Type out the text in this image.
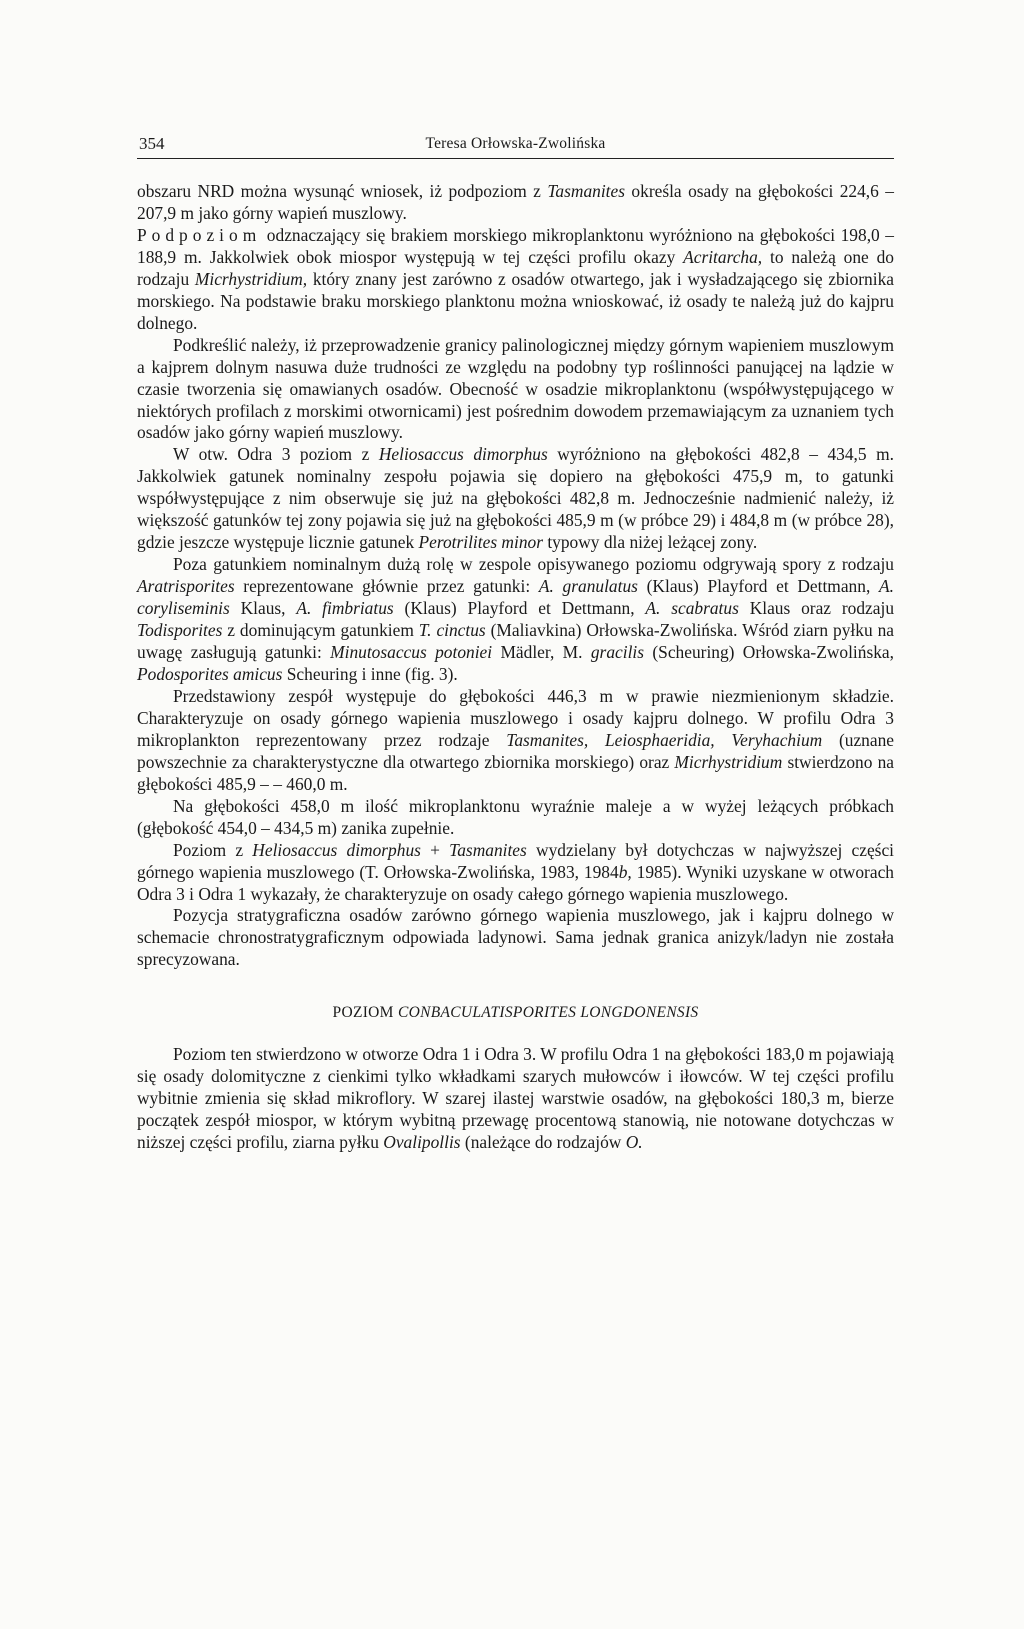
354	Teresa Orłowska-Zwolińska

obszaru NRD można wysunąć wniosek, iż podpoziom z Tasmanites określa osady na głębokości 224,6 – 207,9 m jako górny wapień muszlowy.

Podpoziom odznaczający się brakiem morskiego mikroplanktonu wyróżniono na głębokości 198,0 – 188,9 m. Jakkolwiek obok miospor występują w tej części profilu okazy Acritarcha, to należą one do rodzaju Micrhystridium, który znany jest zarówno z osadów otwartego, jak i wysładzającego się zbiornika morskiego. Na podstawie braku morskiego planktonu można wnioskować, iż osady te należą już do kajpru dolnego.

Podkreślić należy, iż przeprowadzenie granicy palinologicznej między górnym wapieniem muszlowym a kajprem dolnym nasuwa duże trudności ze względu na podobny typ roślinności panującej na lądzie w czasie tworzenia się omawianych osadów. Obecność w osadzie mikroplanktonu (współwystępującego w niektórych profilach z morskimi otwornicami) jest pośrednim dowodem przemawiającym za uznaniem tych osadów jako górny wapień muszlowy.

W otw. Odra 3 poziom z Heliosaccus dimorphus wyróżniono na głębokości 482,8 – 434,5 m. Jakkolwiek gatunek nominalny zespołu pojawia się dopiero na głębokości 475,9 m, to gatunki współwystępujące z nim obserwuje się już na głębokości 482,8 m. Jednocześnie nadmienić należy, iż większość gatunków tej zony pojawia się już na głębokości 485,9 m (w próbce 29) i 484,8 m (w próbce 28), gdzie jeszcze występuje licznie gatunek Perotrilites minor typowy dla niżej leżącej zony.

Poza gatunkiem nominalnym dużą rolę w zespole opisywanego poziomu odgrywają spory z rodzaju Aratrisporites reprezentowane głównie przez gatunki: A. granulatus (Klaus) Playford et Dettmann, A. coryliseminis Klaus, A. fimbriatus (Klaus) Playford et Dettmann, A. scabratus Klaus oraz rodzaju Todisporites z dominującym gatunkiem T. cinctus (Maliavkina) Orłowska-Zwolińska. Wśród ziarn pyłku na uwagę zasługują gatunki: Minutosaccus potoniei Mädler, M. gracilis (Scheuring) Orłowska-Zwolińska, Podosporites amicus Scheuring i inne (fig. 3).

Przedstawiony zespół występuje do głębokości 446,3 m w prawie niezmienionym składzie. Charakteryzuje on osady górnego wapienia muszlowego i osady kajpru dolnego. W profilu Odra 3 mikroplankton reprezentowany przez rodzaje Tasmanites, Leiosphaeridia, Veryhachium (uznane powszechnie za charakterystyczne dla otwartego zbiornika morskiego) oraz Micrhystridium stwierdzono na głębokości 485,9 – – 460,0 m.

Na głębokości 458,0 m ilość mikroplanktonu wyraźnie maleje a w wyżej leżących próbkach (głębokość 454,0 – 434,5 m) zanika zupełnie.

Poziom z Heliosaccus dimorphus + Tasmanites wydzielany był dotychczas w najwyższej części górnego wapienia muszlowego (T. Orłowska-Zwolińska, 1983, 1984b, 1985). Wyniki uzyskane w otworach Odra 3 i Odra 1 wykazały, że charakteryzuje on osady całego górnego wapienia muszlowego.

Pozycja stratygraficzna osadów zarówno górnego wapienia muszlowego, jak i kajpru dolnego w schemacie chronostratygraficznym odpowiada ladynowi. Sama jednak granica anizyk/ladyn nie została sprecyzowana.

POZIOM CONBACULATISPORITES LONGDONENSIS

Poziom ten stwierdzono w otworze Odra 1 i Odra 3. W profilu Odra 1 na głębokości 183,0 m pojawiają się osady dolomityczne z cienkimi tylko wkładkami szarych mułowców i iłowców. W tej części profilu wybitnie zmienia się skład mikroflory. W szarej ilastej warstwie osadów, na głębokości 180,3 m, bierze początek zespół miospor, w którym wybitną przewagę procentową stanowią, nie notowane dotychczas w niższej części profilu, ziarna pyłku Ovalipollis (należące do rodzajów O.
